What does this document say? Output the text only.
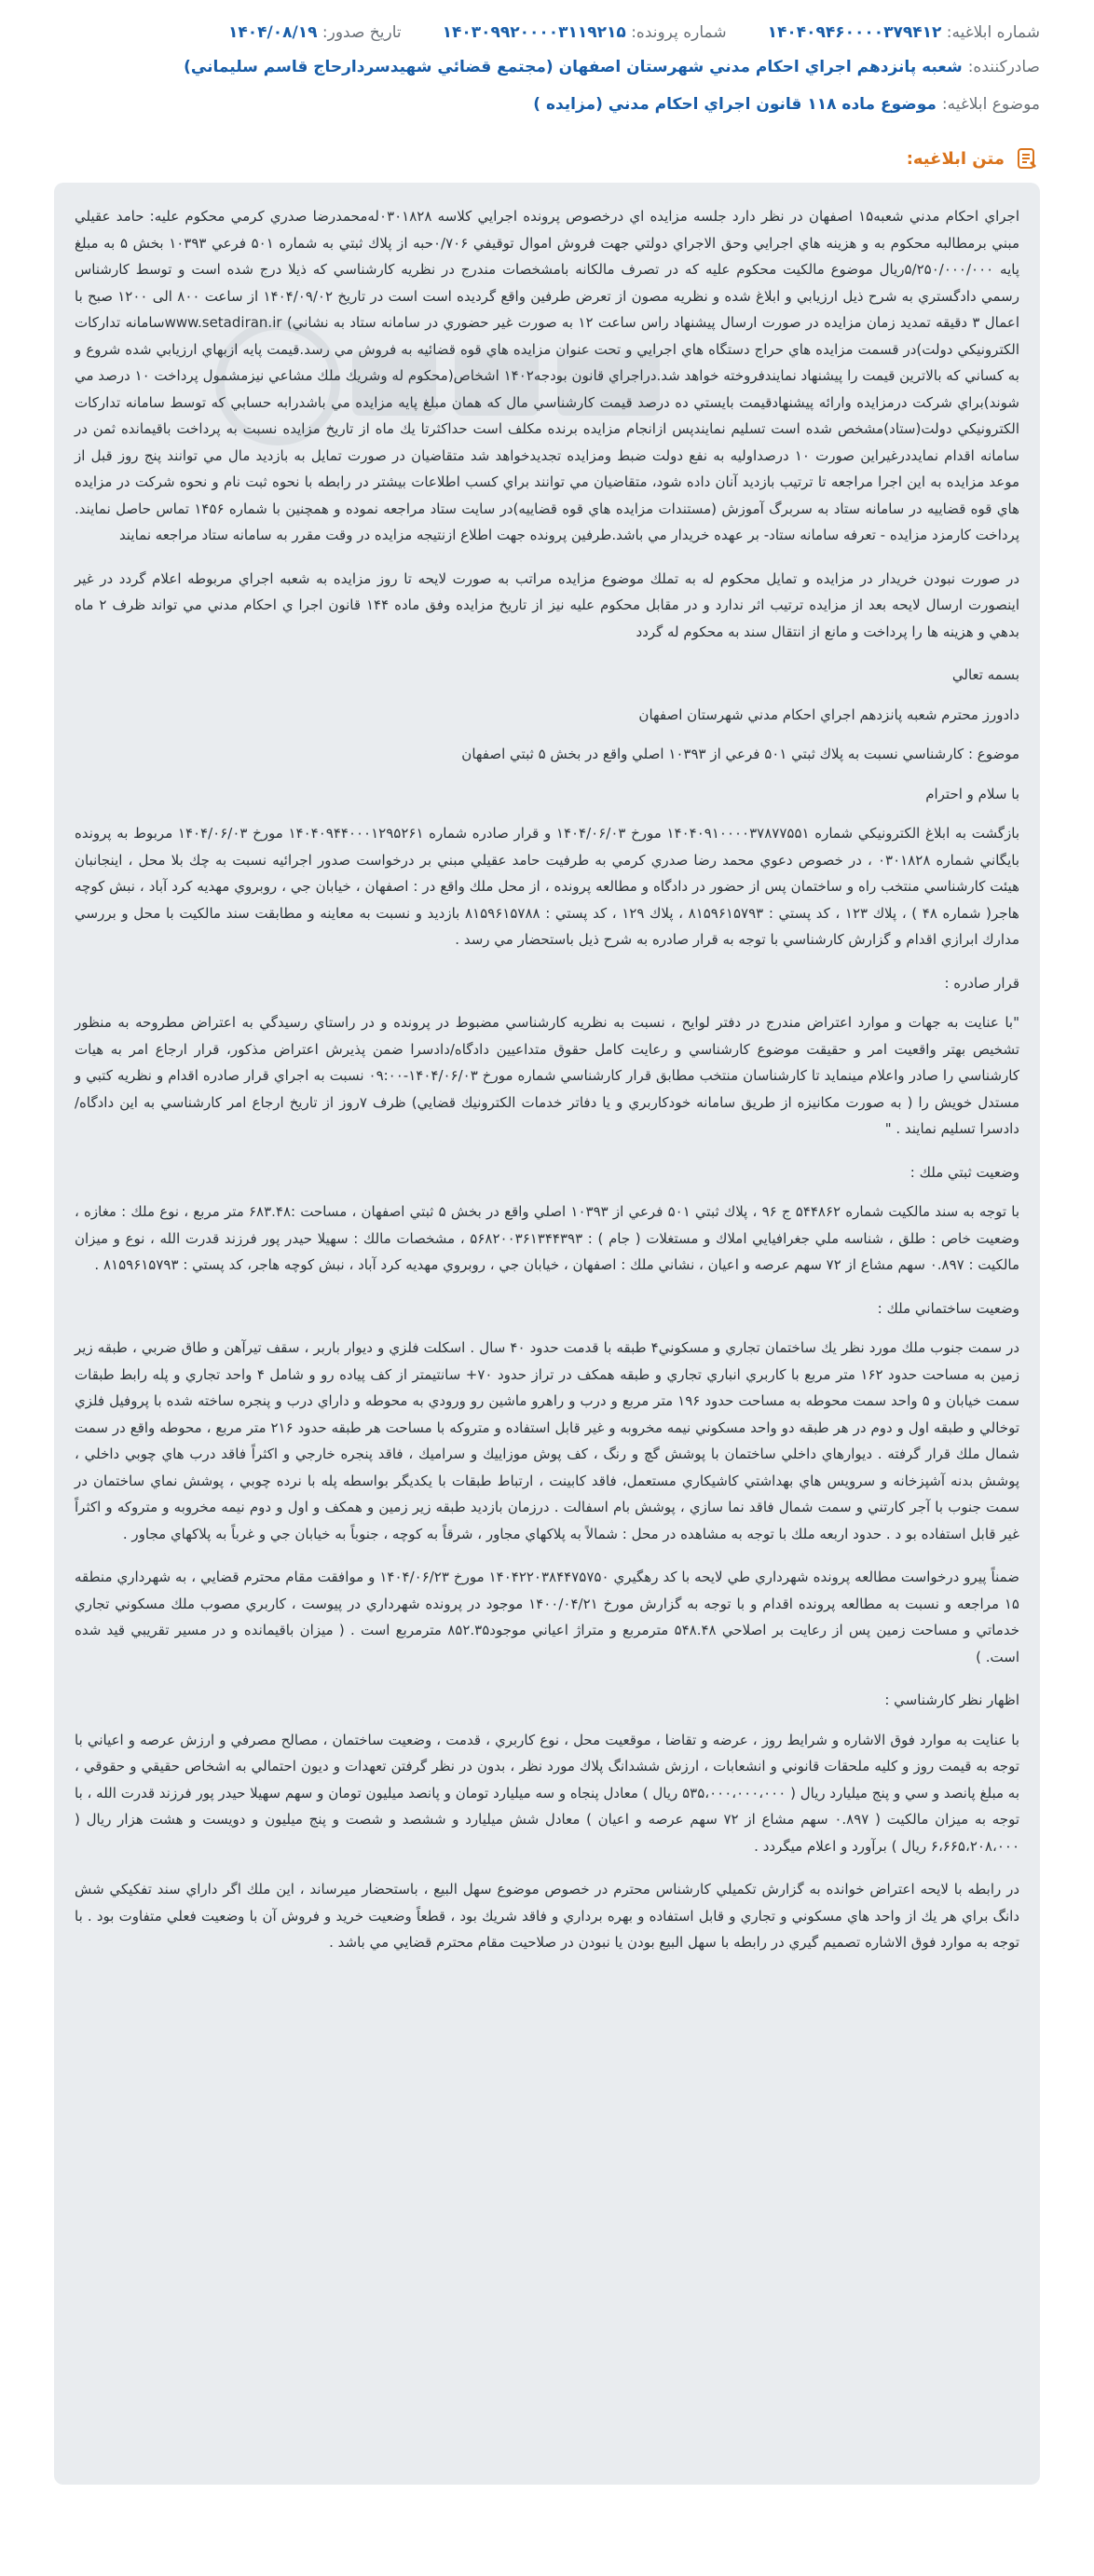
شماره ابلاغیه: ۱۴۰۴۰۹۴۶۰۰۰۰۳۷۹۴۱۲
شماره پرونده: ۱۴۰۳۰۹۹۲۰۰۰۰۳۱۱۹۲۱۵
تاریخ صدور: ۱۴۰۴/۰۸/۱۹
صادرکننده:
شعبه پانزدهم اجراي احكام مدني شهرستان اصفهان (مجتمع قضائي شهيدسردارحاج قاسم سليماني)
موضوع ابلاغیه:
موضوع ماده ۱۱۸ قانون اجراي احكام مدني (مزايده )
متن ابلاغیه:

اجراي احكام مدني شعبه۱۵ اصفهان در نظر دارد جلسه مزايده اي درخصوص پرونده اجرايي كلاسه ۰۳۰۱۸۲۸له‌محمدرضا صدري كرمي محكوم عليه: حامد عقيلي مبني برمطالبه محكوم به و هزينه هاي اجرايي وحق الاجراي دولتي جهت فروش اموال توقيفي ۰/۷۰۶حبه از پلاك ثبتي به شماره ۵۰۱ فرعي ۱۰۳۹۳ بخش ۵ به مبلغ پايه ۵/۲۵۰/۰۰۰/۰۰۰ريال موضوع مالكيت محكوم عليه كه در تصرف مالكانه بامشخصات مندرج در نظريه كارشناسي كه ذيلا درج شده است و توسط كارشناس رسمي دادگستري به شرح ذيل ارزيابي و ابلاغ شده و نظريه مصون از تعرض طرفين واقع گرديده است است در تاريخ ۱۴۰۴/۰۹/۰۲ از ساعت ۸۰۰ الی ۱۲۰۰ صبح با اعمال ۳ دقيقه تمديد زمان مزايده در صورت ارسال پيشنهاد راس ساعت ۱۲ به صورت غير حضوري در سامانه ستاد به نشاني) www.setadiran.irسامانه تداركات الكترونيكي دولت)در قسمت مزايده هاي حراج دستگاه هاي اجرايي و تحت عنوان مزايده هاي قوه قضائيه به فروش مي رسد.قيمت پايه ازبهاي ارزيابي شده شروع و به كساني كه بالاترين قيمت را پيشنهاد نمايندفروخته خواهد شد.دراجراي قانون بودجه۱۴۰۲ اشخاص(محكوم له وشريك ملك مشاعي نيزمشمول پرداخت ۱۰ درصد مي شوند)براي شركت درمزايده وارائه پيشنهادقيمت بايستي ده درصد قيمت كارشناسي مال كه همان مبلغ پايه مزايده مي باشدرابه حسابي كه توسط سامانه تداركات الكترونيكي دولت(ستاد)مشخص شده است تسليم نمايندپس ازانجام مزايده برنده مكلف است حداكثرتا يك ماه از تاريخ مزايده نسبت به پرداخت باقيمانده ثمن در سامانه اقدام نمايددرغيراين صورت ۱۰ درصداوليه به نفع دولت ضبط ومزايده تجديدخواهد شد متقاضيان در صورت تمايل به بازديد مال مي توانند پنج روز قبل از موعد مزايده به اين اجرا مراجعه تا ترتيب بازديد آنان داده شود، متقاضيان مي توانند براي كسب اطلاعات بيشتر در رابطه با نحوه ثبت نام و نحوه شركت در مزايده هاي قوه قضاييه در سامانه ستاد به سربرگ آموزش (مستندات مزايده هاي قوه قضاييه)در سايت ستاد مراجعه نموده و همچنين با شماره ۱۴۵۶ تماس حاصل نمايند. پرداخت كارمزد مزايده - تعرفه سامانه ستاد- بر عهده خريدار مي باشد.طرفين پرونده جهت اطلاع ازنتيجه مزايده در وقت مقرر به سامانه ستاد مراجعه نمايند

در صورت نبودن خريدار در مزايده و تمايل محكوم له به تملك موضوع مزايده مراتب به صورت لايحه تا روز مزايده به شعبه اجراي مربوطه اعلام گردد در غير اينصورت ارسال لايحه بعد از مزايده ترتيب اثر ندارد و در مقابل محكوم عليه نيز از تاريخ مزايده وفق ماده ۱۴۴ قانون اجرا ي احكام مدني مي تواند ظرف ۲ ماه بدهي و هزينه ها را پرداخت و مانع از انتقال سند به محكوم له گردد

بسمه تعالي

دادورز محترم شعبه پانزدهم اجراي احكام مدني شهرستان اصفهان

موضوع : كارشناسي نسبت به پلاك ثبتي ۵۰۱ فرعي از ۱۰۳۹۳ اصلي واقع در بخش ۵ ثبتي اصفهان

با سلام و احترام

بازگشت به ابلاغ الكترونيكي شماره ۱۴۰۴۰۹۱۰۰۰۰۳۷۸۷۷۵۵۱ مورخ ۱۴۰۴/۰۶/۰۳ و قرار صادره شماره ۱۴۰۴۰۹۴۴۰۰۰۱۲۹۵۲۶۱ مورخ ۱۴۰۴/۰۶/۰۳ مربوط به پرونده بايگاني شماره ۰۳۰۱۸۲۸ ، در خصوص دعوي محمد رضا صدري كرمي به طرفيت حامد عقيلي مبني بر درخواست صدور اجرائيه نسبت به چك بلا محل ، اينجانبان هيئت كارشناسي منتخب راه و ساختمان پس از حضور در دادگاه و مطالعه پرونده ، از محل ملك واقع در : اصفهان ، خيابان جي ، روبروي مهديه كرد آباد ، نبش كوچه هاجر( شماره ۴۸ ) ، پلاك ۱۲۳ ، كد پستي : ۸۱۵۹۶۱۵۷۹۳ ، پلاك ۱۲۹ ، كد پستي : ۸۱۵۹۶۱۵۷۸۸ بازديد و نسبت به معاينه و مطابقت سند مالكيت با محل و بررسي مدارك ابرازي اقدام و گزارش كارشناسي با توجه به قرار صادره به شرح ذيل باستحضار مي رسد .

قرار صادره :

"با عنايت به جهات و موارد اعتراض مندرج در دفتر لوايح ، نسبت به نظريه كارشناسي مضبوط در پرونده و در راستاي رسيدگي به اعتراض مطروحه به منظور تشخيص بهتر واقعيت امر و حقيقت موضوع كارشناسي و رعايت كامل حقوق متداعيين دادگاه/دادسرا ضمن پذيرش اعتراض مذكور، قرار ارجاع امر به هيات كارشناسي را صادر واعلام مينمايد تا كارشناسان منتخب مطابق قرار كارشناسي شماره مورخ ۱۴۰۴/۰۶/۰۳-۰۹:۰۰ نسبت به اجراي قرار صادره اقدام و نظريه كتبي و مستدل خويش را ( به صورت مكانيزه از طريق سامانه خودكاربري و يا دفاتر خدمات الكترونيك قضايي) ظرف ۷روز از تاريخ ارجاع امر كارشناسي به اين دادگاه/دادسرا تسليم نمايند . "

وضعيت ثبتي ملك :

با توجه به سند مالكيت شماره ۵۴۴۸۶۲ ج ۹۶ ، پلاك ثبتي ۵۰۱ فرعي از ۱۰۳۹۳ اصلي واقع در بخش ۵ ثبتي اصفهان ، مساحت :۶۸۳.۴۸ متر مربع ، نوع ملك : مغازه ، وضعيت خاص : طلق ، شناسه ملي جغرافيايي املاك و مستغلات ( جام ) : ۵۶۸۲۰۰۳۶۱۳۴۴۳۹۳ ، مشخصات مالك : سهيلا حيدر پور فرزند قدرت الله ، نوع و ميزان مالكيت : ۰.۸۹۷ سهم مشاع از ۷۲ سهم عرصه و اعيان ، نشاني ملك : اصفهان ، خيابان جي ، روبروي مهديه كرد آباد ، نبش كوچه هاجر، كد پستي : ۸۱۵۹۶۱۵۷۹۳ .

وضعيت ساختماني ملك :

در سمت جنوب ملك مورد نظر يك ساختمان تجاري و مسكوني۴ طبقه با قدمت حدود ۴۰ سال . اسكلت فلزي و ديوار باربر ، سقف تيرآهن و طاق ضربي ، طبقه زير زمين به مساحت حدود ۱۶۲ متر مربع با كاربري انباري تجاري و طبقه همكف در تراز حدود ۷۰+ سانتيمتر از كف پياده رو و شامل ۴ واحد تجاري و پله رابط طبقات سمت خيابان و ۵ واحد سمت محوطه به مساحت حدود ۱۹۶ متر مربع و درب و راهرو ماشين رو ورودي به محوطه و داراي درب و پنجره ساخته شده با پروفيل فلزي توخالي و طبقه اول و دوم در هر طبقه دو واحد مسكوني نيمه مخروبه و غير قابل استفاده و متروكه با مساحت هر طبقه حدود ۲۱۶ متر مربع ، محوطه واقع در سمت شمال ملك قرار گرفته . ديوارهاي داخلي ساختمان با پوشش گچ و رنگ ، كف پوش موزاييك و سراميك ، فاقد پنجره خارجي و اكثراً فاقد درب هاي چوبي داخلي ، پوشش بدنه آشپزخانه و سرويس هاي بهداشتي كاشيكاري مستعمل، فاقد كابينت ، ارتباط طبقات با يكديگر بواسطه پله با نرده چوبي ، پوشش نماي ساختمان در سمت جنوب با آجر كارتني و سمت شمال فاقد نما سازي ، پوشش بام اسفالت . درزمان بازديد طبقه زير زمين و همكف و اول و دوم نيمه مخروبه و متروكه و اكثراً غير قابل استفاده بو د . حدود اربعه ملك با توجه به مشاهده در محل : شمالاً به پلاكهاي مجاور ، شرقاً به كوچه ، جنوباً به خيابان جي و غرباً به پلاكهاي مجاور .

ضمناً پيرو درخواست مطالعه پرونده شهرداري طي لايحه با كد رهگيري ۱۴۰۴۲۲۰۳۸۴۴۷۵۷۵۰ مورخ ۱۴۰۴/۰۶/۲۳ و موافقت مقام محترم قضايي ، به شهرداري منطقه ۱۵ مراجعه و نسبت به مطالعه پرونده اقدام و با توجه به گزارش مورخ ۱۴۰۰/۰۴/۲۱ موجود در پرونده شهرداري در پيوست ، كاربري مصوب ملك مسكوني تجاري خدماتي و مساحت زمين پس از رعايت بر اصلاحي ۵۴۸.۴۸ مترمربع و متراژ اعياني موجود۸۵۲.۳۵ مترمربع است . ( ميزان باقيمانده و در مسير تقريبي قيد شده است. )

اظهار نظر كارشناسي :

با عنايت به موارد فوق الاشاره و شرايط روز ، عرضه و تقاضا ، موقعيت محل ، نوع كاربري ، قدمت ، وضعيت ساختمان ، مصالح مصرفي و ارزش عرصه و اعياني با توجه به قيمت روز و كليه ملحقات قانوني و انشعابات ، ارزش ششدانگ پلاك مورد نظر ، بدون در نظر گرفتن تعهدات و ديون احتمالي به اشخاص حقيقي و حقوقي ، به مبلغ پانصد و سي و پنج ميليارد ريال ( ۵۳۵،۰۰۰،۰۰۰،۰۰۰ ريال ) معادل پنجاه و سه ميليارد تومان و پانصد ميليون تومان و سهم سهيلا حيدر پور فرزند قدرت الله ، با توجه به ميزان مالكيت ( ۰.۸۹۷ سهم مشاع از ۷۲ سهم عرصه و اعيان ) معادل شش ميليارد و ششصد و شصت و پنج ميليون و دويست و هشت هزار ريال ( ۶،۶۶۵،۲۰۸،۰۰۰ ريال ) برآورد و اعلام ميگردد .

در رابطه با لايحه اعتراض خوانده به گزارش تكميلي كارشناس محترم در خصوص موضوع سهل البيع ، باستحضار ميرساند ، اين ملك اگر داراي سند تفكيكي شش دانگ براي هر يك از واحد هاي مسكوني و تجاري و قابل استفاده و بهره برداري و فاقد شريك بود ، قطعاً وضعيت خريد و فروش آن با وضعيت فعلي متفاوت بود . با توجه به موارد فوق الاشاره تصميم گيري در رابطه با سهل البيع بودن يا نبودن در صلاحيت مقام محترم قضايي مي باشد .
